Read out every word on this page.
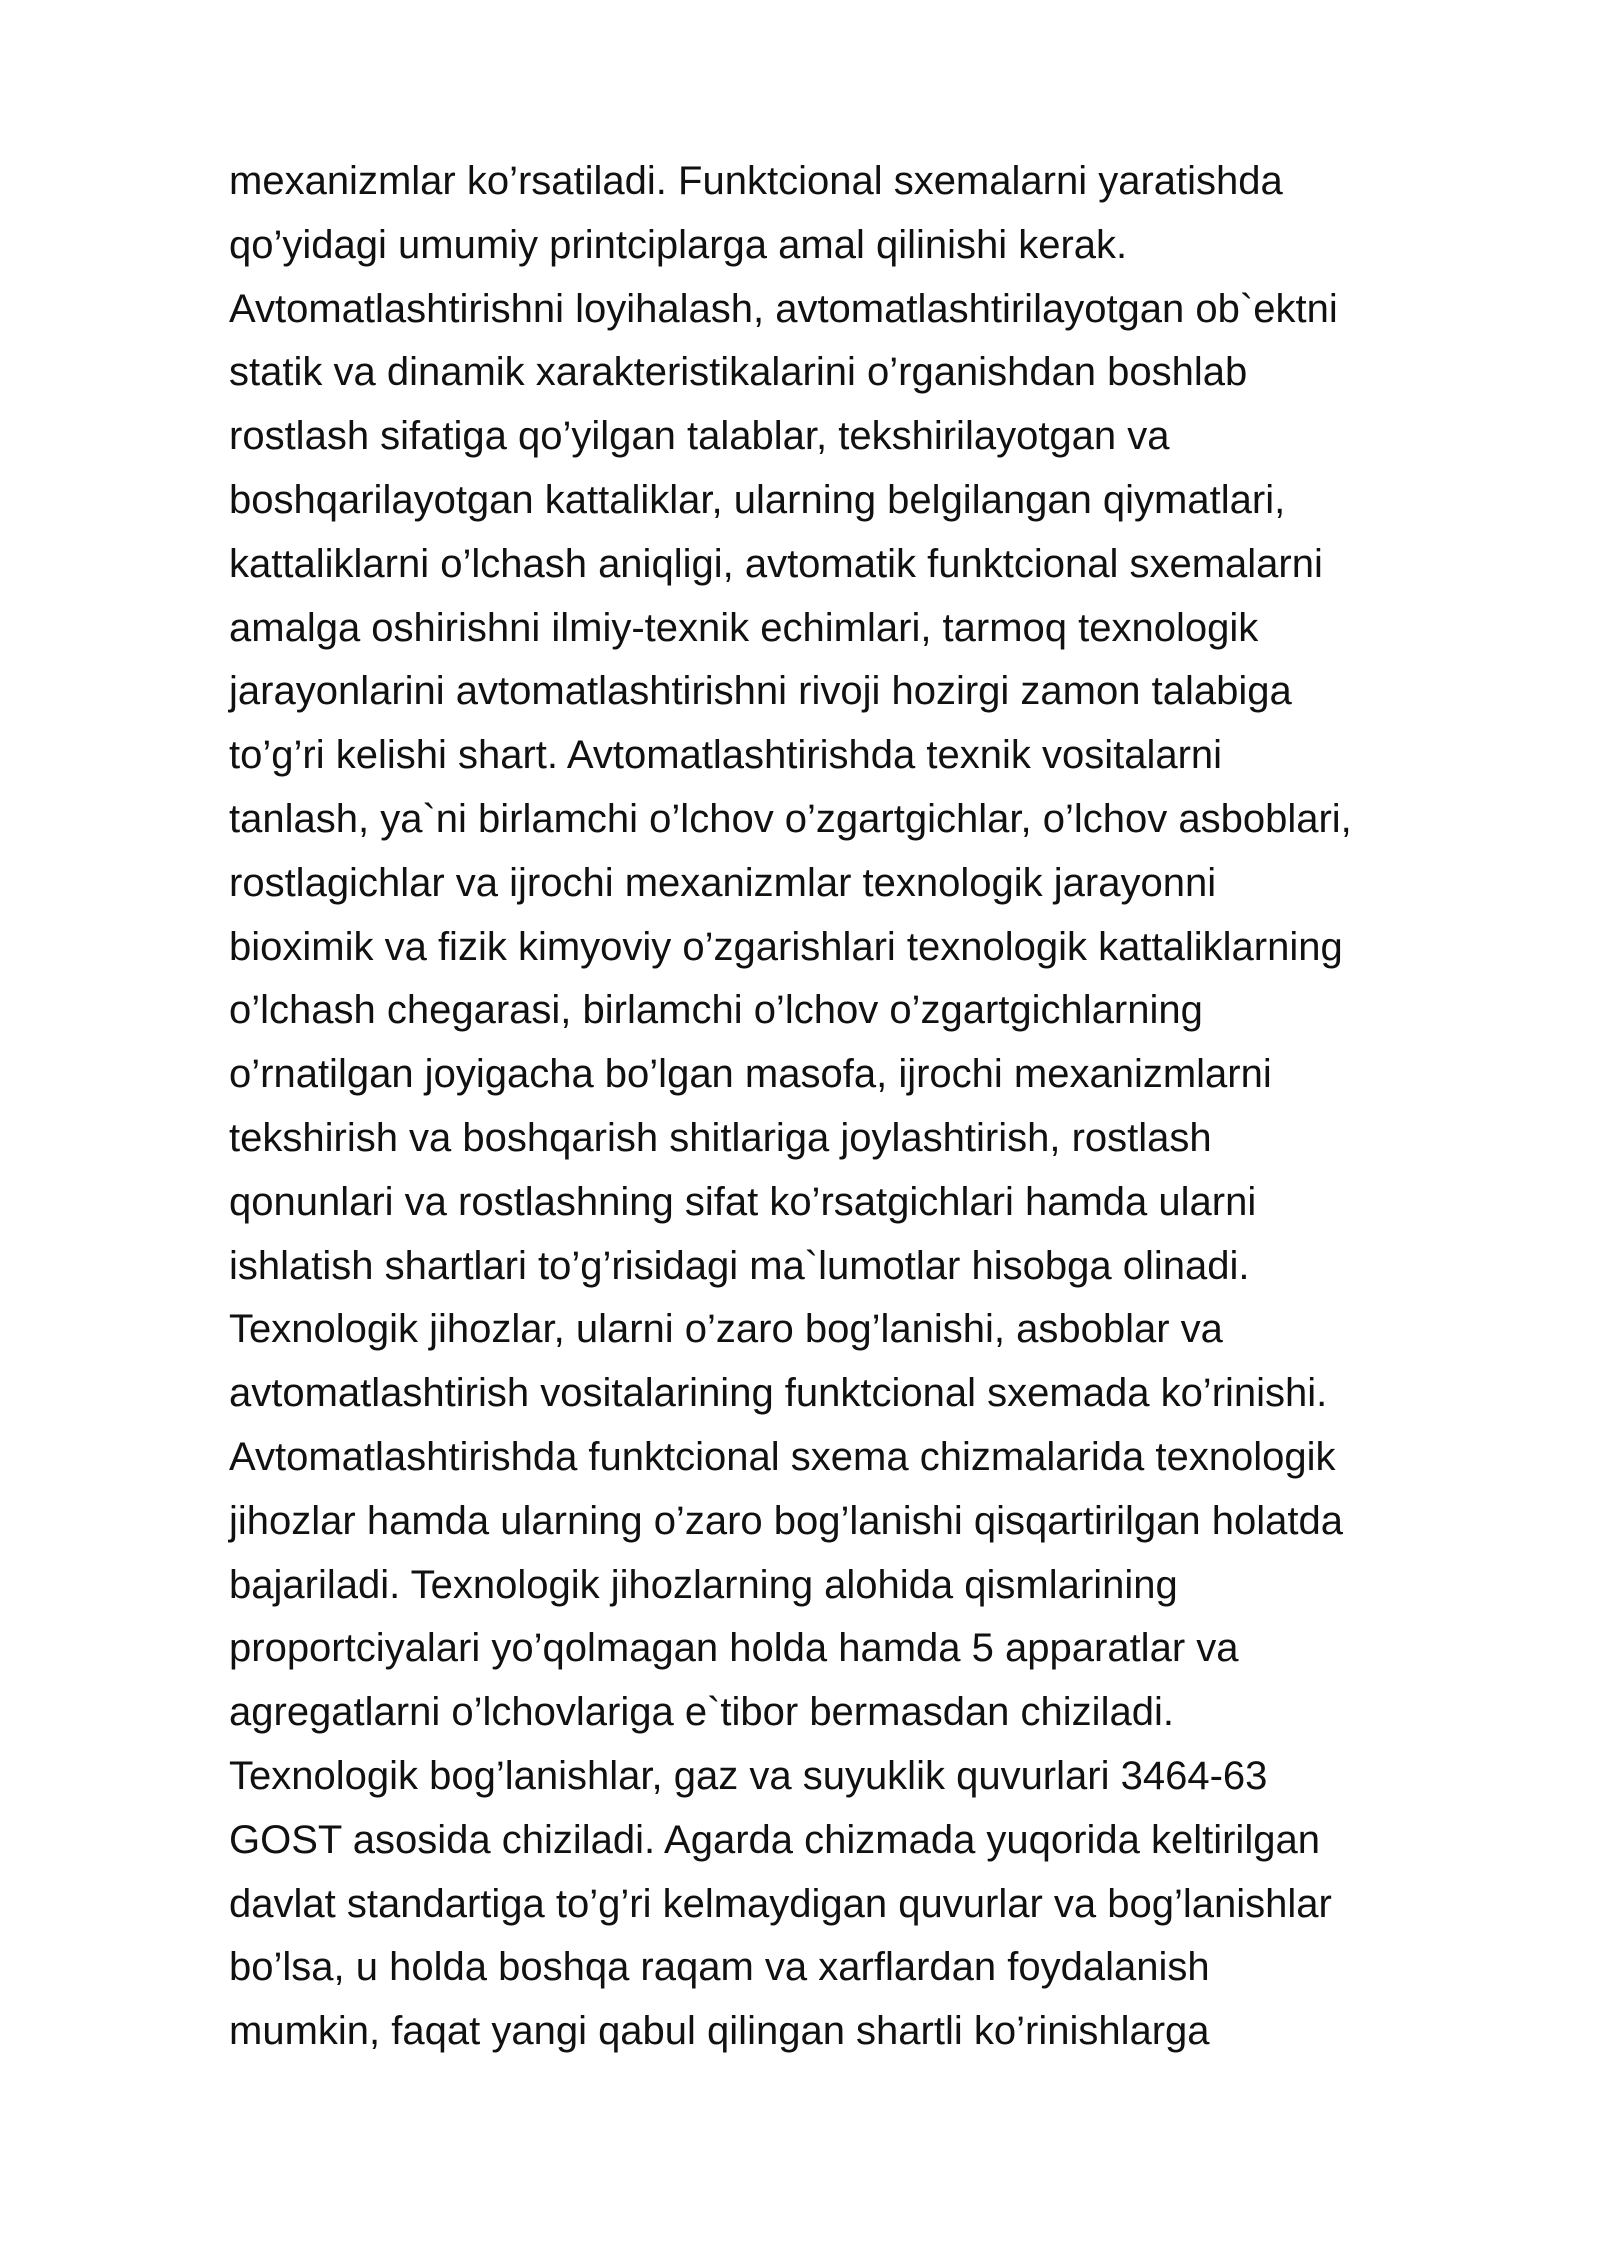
mexanizmlar ko’rsatiladi. Funktcional sxemalarni yaratishda
qo’yidagi umumiy printciplarga amal qilinishi kerak.
Avtomatlashtirishni loyihalash, avtomatlashtirilayotgan ob`ektni
statik va dinamik xarakteristikalarini o’rganishdan boshlab
rostlash sifatiga qo’yilgan talablar, tekshirilayotgan va
boshqarilayotgan kattaliklar, ularning belgilangan qiymatlari,
kattaliklarni o’lchash aniqligi, avtomatik funktcional sxemalarni
amalga oshirishni ilmiy-texnik echimlari, tarmoq texnologik
jarayonlarini avtomatlashtirishni rivoji hozirgi zamon talabiga
to’g’ri kelishi shart. Avtomatlashtirishda texnik vositalarni
tanlash, ya`ni birlamchi o’lchov o’zgartgichlar, o’lchov asboblari,
rostlagichlar va ijrochi mexanizmlar texnologik jarayonni
bioximik va fizik kimyoviy o’zgarishlari texnologik kattaliklarning
o’lchash chegarasi, birlamchi o’lchov o’zgartgichlarning
o’rnatilgan joyigacha bo’lgan masofa, ijrochi mexanizmlarni
tekshirish va boshqarish shitlariga joylashtirish, rostlash
qonunlari va rostlashning sifat ko’rsatgichlari hamda ularni
ishlatish shartlari to’g’risidagi ma`lumotlar hisobga olinadi.
Texnologik jihozlar, ularni o’zaro bog’lanishi, asboblar va
avtomatlashtirish vositalarining funktcional sxemada ko’rinishi.
Avtomatlashtirishda funktcional sxema chizmalarida texnologik
jihozlar hamda ularning o’zaro bog’lanishi qisqartirilgan holatda
bajariladi. Texnologik jihozlarning alohida qismlarining
proportciyalari yo’qolmagan holda hamda 5 apparatlar va
agregatlarni o’lchovlariga e`tibor bermasdan chiziladi.
Texnologik bog’lanishlar, gaz va suyuklik quvurlari 3464-63
GOST asosida chiziladi. Agarda chizmada yuqorida keltirilgan
davlat standartiga to’g’ri kelmaydigan quvurlar va bog’lanishlar
bo’lsa, u holda boshqa raqam va xarflardan foydalanish
mumkin, faqat yangi qabul qilingan shartli ko’rinishlarga
